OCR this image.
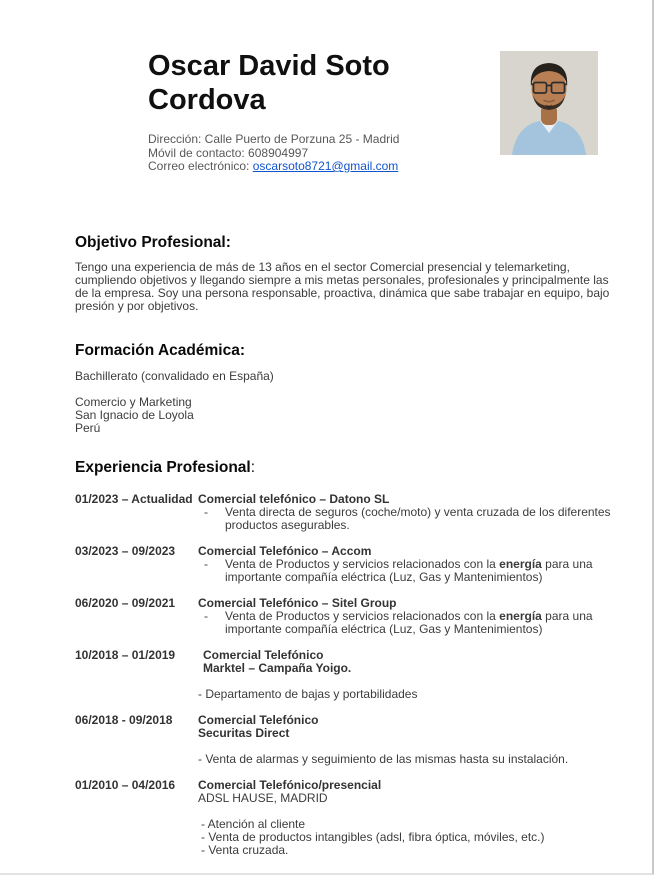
Oscar David Soto Cordova
Dirección: Calle Puerto de Porzuna 25 - Madrid
Móvil de contacto: 608904997
Correo electrónico: oscarsoto8721@gmail.com
Objetivo Profesional:
Tengo una experiencia de más de 13 años en el sector Comercial presencial y telemarketing,
cumpliendo objetivos y llegando siempre a mis metas personales, profesionales y principalmente las
de la empresa. Soy una persona responsable, proactiva, dinámica que sabe trabajar en equipo, bajo
presión y por objetivos.
Formación Académica:
Bachillerato (convalidado en España)
Comercio y Marketing
San Ignacio de Loyola
Perú
Experiencia Profesional:
01/2023 – Actualidad Comercial telefónico – Datono SL
-	Venta directa de seguros (coche/moto) y venta cruzada de los diferentes
productos asegurables.
03/2023 – 09/2023	Comercial Telefónico – Accom
-	Venta de Productos y servicios relacionados con la energía para una
importante compañía eléctrica (Luz, Gas y Mantenimientos)
06/2020 – 09/2021	Comercial Telefónico – Sitel Group
-	Venta de Productos y servicios relacionados con la energía para una
importante compañía eléctrica (Luz, Gas y Mantenimientos)
10/2018 – 01/2019	Comercial Telefónico
Marktel – Campaña Yoigo.
- Departamento de bajas y portabilidades
06/2018 - 09/2018	Comercial Telefónico
Securitas Direct
- Venta de alarmas y seguimiento de las mismas hasta su instalación.
01/2010 – 04/2016	Comercial Telefónico/presencial
ADSL HAUSE, MADRID
- Atención al cliente
- Venta de productos intangibles (adsl, fibra óptica, móviles, etc.)
- Venta cruzada.
